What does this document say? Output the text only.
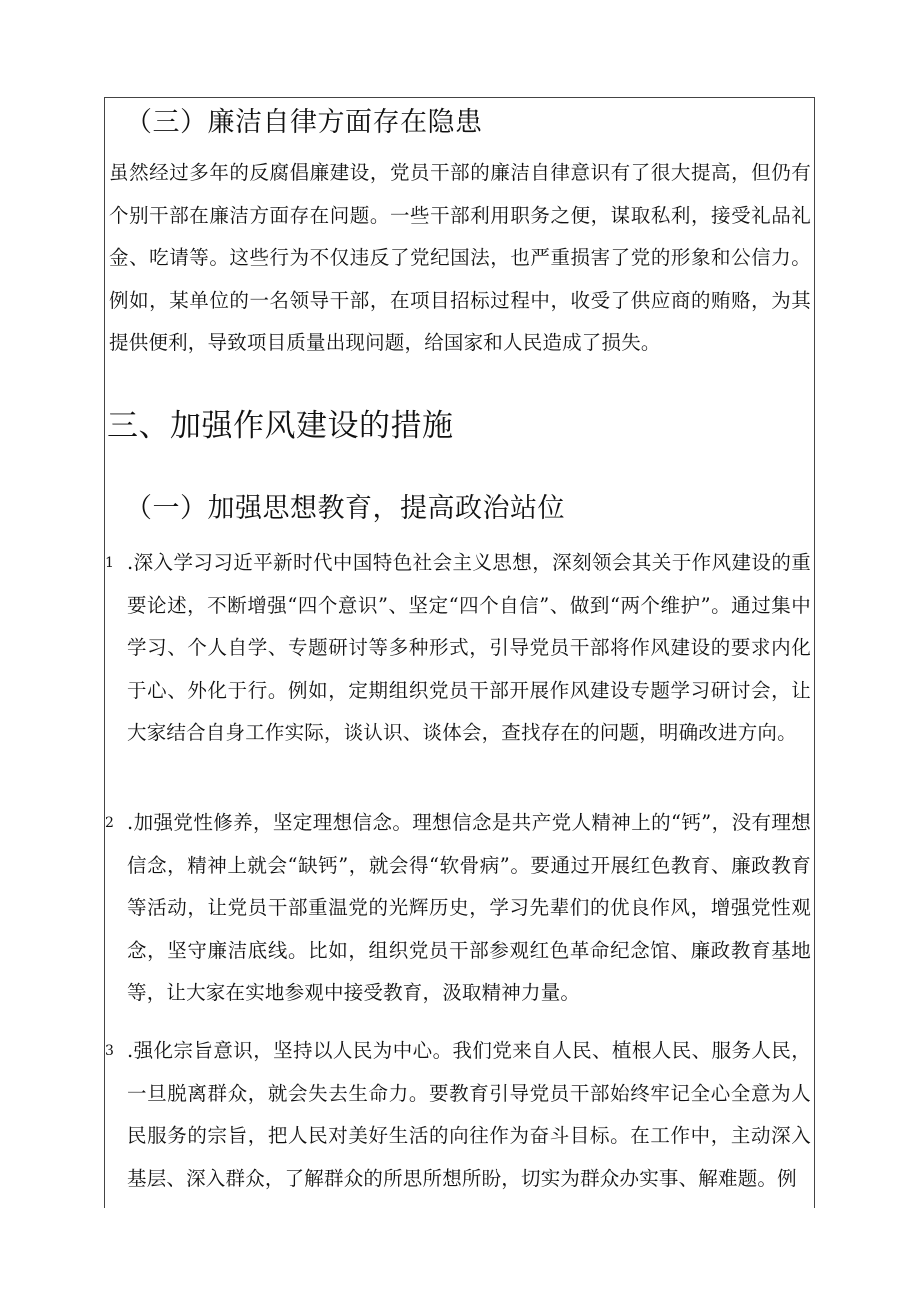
（三）廉洁自律方面存在隐患
虽然经过多年的反腐倡廉建设，党员干部的廉洁自律意识有了很大提高，但仍有个别干部在廉洁方面存在问题。一些干部利用职务之便，谋取私利，接受礼品礼金、吃请等。这些行为不仅违反了党纪国法，也严重损害了党的形象和公信力。例如，某单位的一名领导干部，在项目招标过程中，收受了供应商的贿赂，为其提供便利，导致项目质量出现问题，给国家和人民造成了损失。
三、加强作风建设的措施
（一）加强思想教育，提高政治站位
1 .深入学习习近平新时代中国特色社会主义思想，深刻领会其关于作风建设的重要论述，不断增强“四个意识”、坚定“四个自信”、做到“两个维护”。通过集中学习、个人自学、专题研讨等多种形式，引导党员干部将作风建设的要求内化于心、外化于行。例如，定期组织党员干部开展作风建设专题学习研讨会，让大家结合自身工作实际，谈认识、谈体会，查找存在的问题，明确改进方向。
2 .加强党性修养，坚定理想信念。理想信念是共产党人精神上的“钙”，没有理想信念，精神上就会“缺钙”，就会得“软骨病”。要通过开展红色教育、廉政教育等活动，让党员干部重温党的光辉历史，学习先辈们的优良作风，增强党性观念，坚守廉洁底线。比如，组织党员干部参观红色革命纪念馆、廉政教育基地等，让大家在实地参观中接受教育，汲取精神力量。
3 .强化宗旨意识，坚持以人民为中心。我们党来自人民、植根人民、服务人民，一旦脱离群众，就会失去生命力。要教育引导党员干部始终牢记全心全意为人民服务的宗旨，把人民对美好生活的向往作为奋斗目标。在工作中，主动深入基层、深入群众，了解群众的所思所想所盼，切实为群众办实事、解难题。例
